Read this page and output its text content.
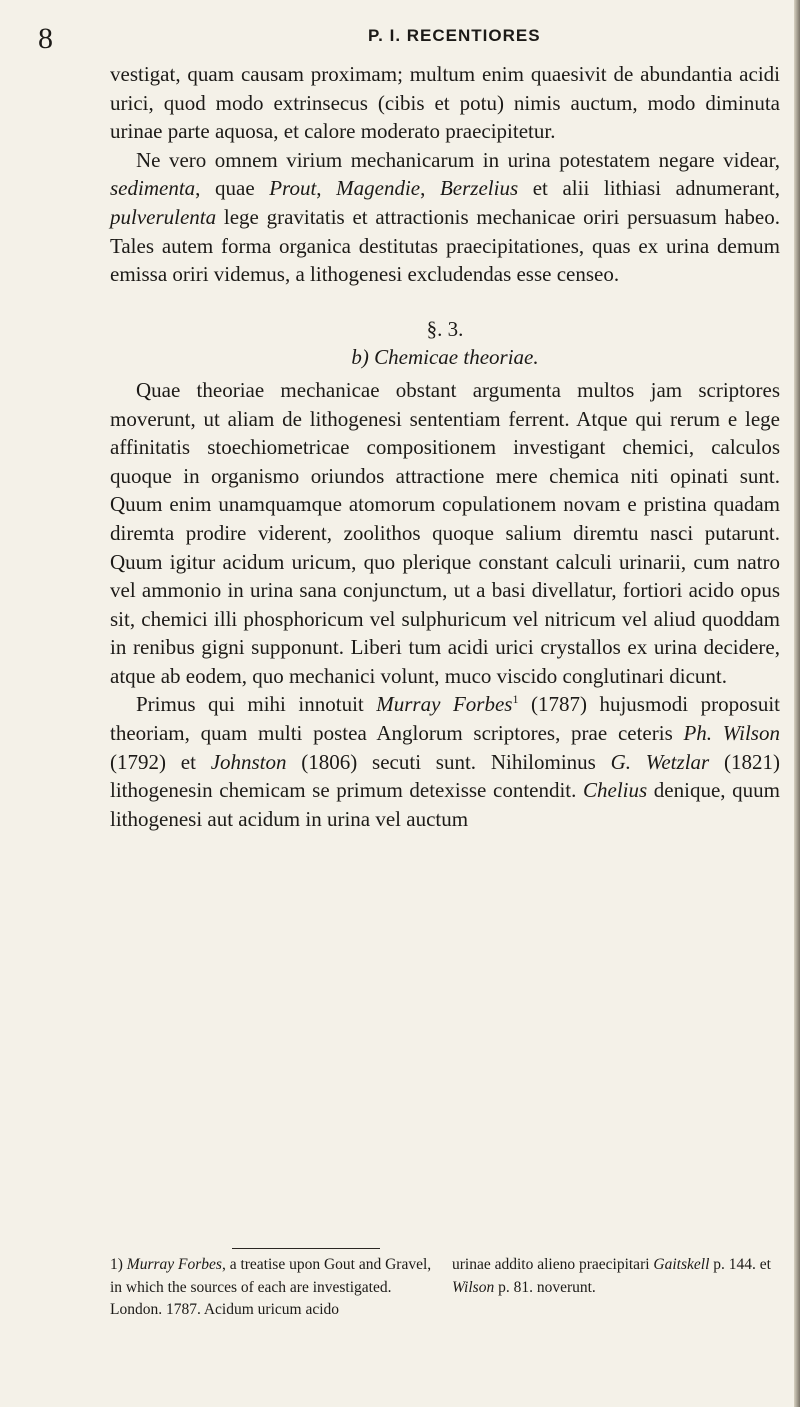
8	P. I. RECENTIORES

vestigat, quam causam proximam; multum enim quaesivit de abundantia acidi urici, quod modo extrinsecus (cibis et potu) nimis auctum, modo diminuta urinae parte aquosa, et calore moderato praecipitetur.

Ne vero omnem virium mechanicarum in urina potestatem negare videar, sedimenta, quae Prout, Magendie, Berzelius et alii lithiasi adnumerant, pulverulenta lege gravitatis et attractionis mechanicae oriri persuasum habeo. Tales autem forma organica destitutas praecipitationes, quas ex urina demum emissa oriri videmus, a lithogenesi excludendas esse censeo.

§. 3.

b) Chemicae theoriae.

Quae theoriae mechanicae obstant argumenta multos jam scriptores moverunt, ut aliam de lithogenesi sententiam ferrent. Atque qui rerum e lege affinitatis stoechiometricae compositionem investigant chemici, calculos quoque in organismo oriundos attractione mere chemica niti opinati sunt. Quum enim unamquamque atomorum copulationem novam e pristina quadam diremta prodire viderent, zoolithos quoque salium diremtu nasci putarunt. Quum igitur acidum uricum, quo plerique constant calculi urinarii, cum natro vel ammonio in urina sana conjunctum, ut a basi divellatur, fortiori acido opus sit, chemici illi phosphoricum vel sulphuricum vel nitricum vel aliud quoddam in renibus gigni supponunt. Liberi tum acidi urici crystallos ex urina decidere, atque ab eodem, quo mechanici volunt, muco viscido conglutinari dicunt.

Primus qui mihi innotuit Murray Forbes$^1$ (1787) hujusmodi proposuit theoriam, quam multi postea Anglorum scriptores, prae ceteris Ph. Wilson (1792) et Johnston (1806) secuti sunt. Nihilominus G. Wetzlar (1821) lithogenesin chemicam se primum detexisse contendit. Chelius denique, quum lithogenesi aut acidum in urina vel auctum

1) Murray Forbes, a treatise upon Gout and Gravel, in which the sources of each are investigated. London. 1787. Acidum uricum acido

urinae addito alieno praecipitari Gaitskell p. 144. et Wilson p. 81. noverunt.
